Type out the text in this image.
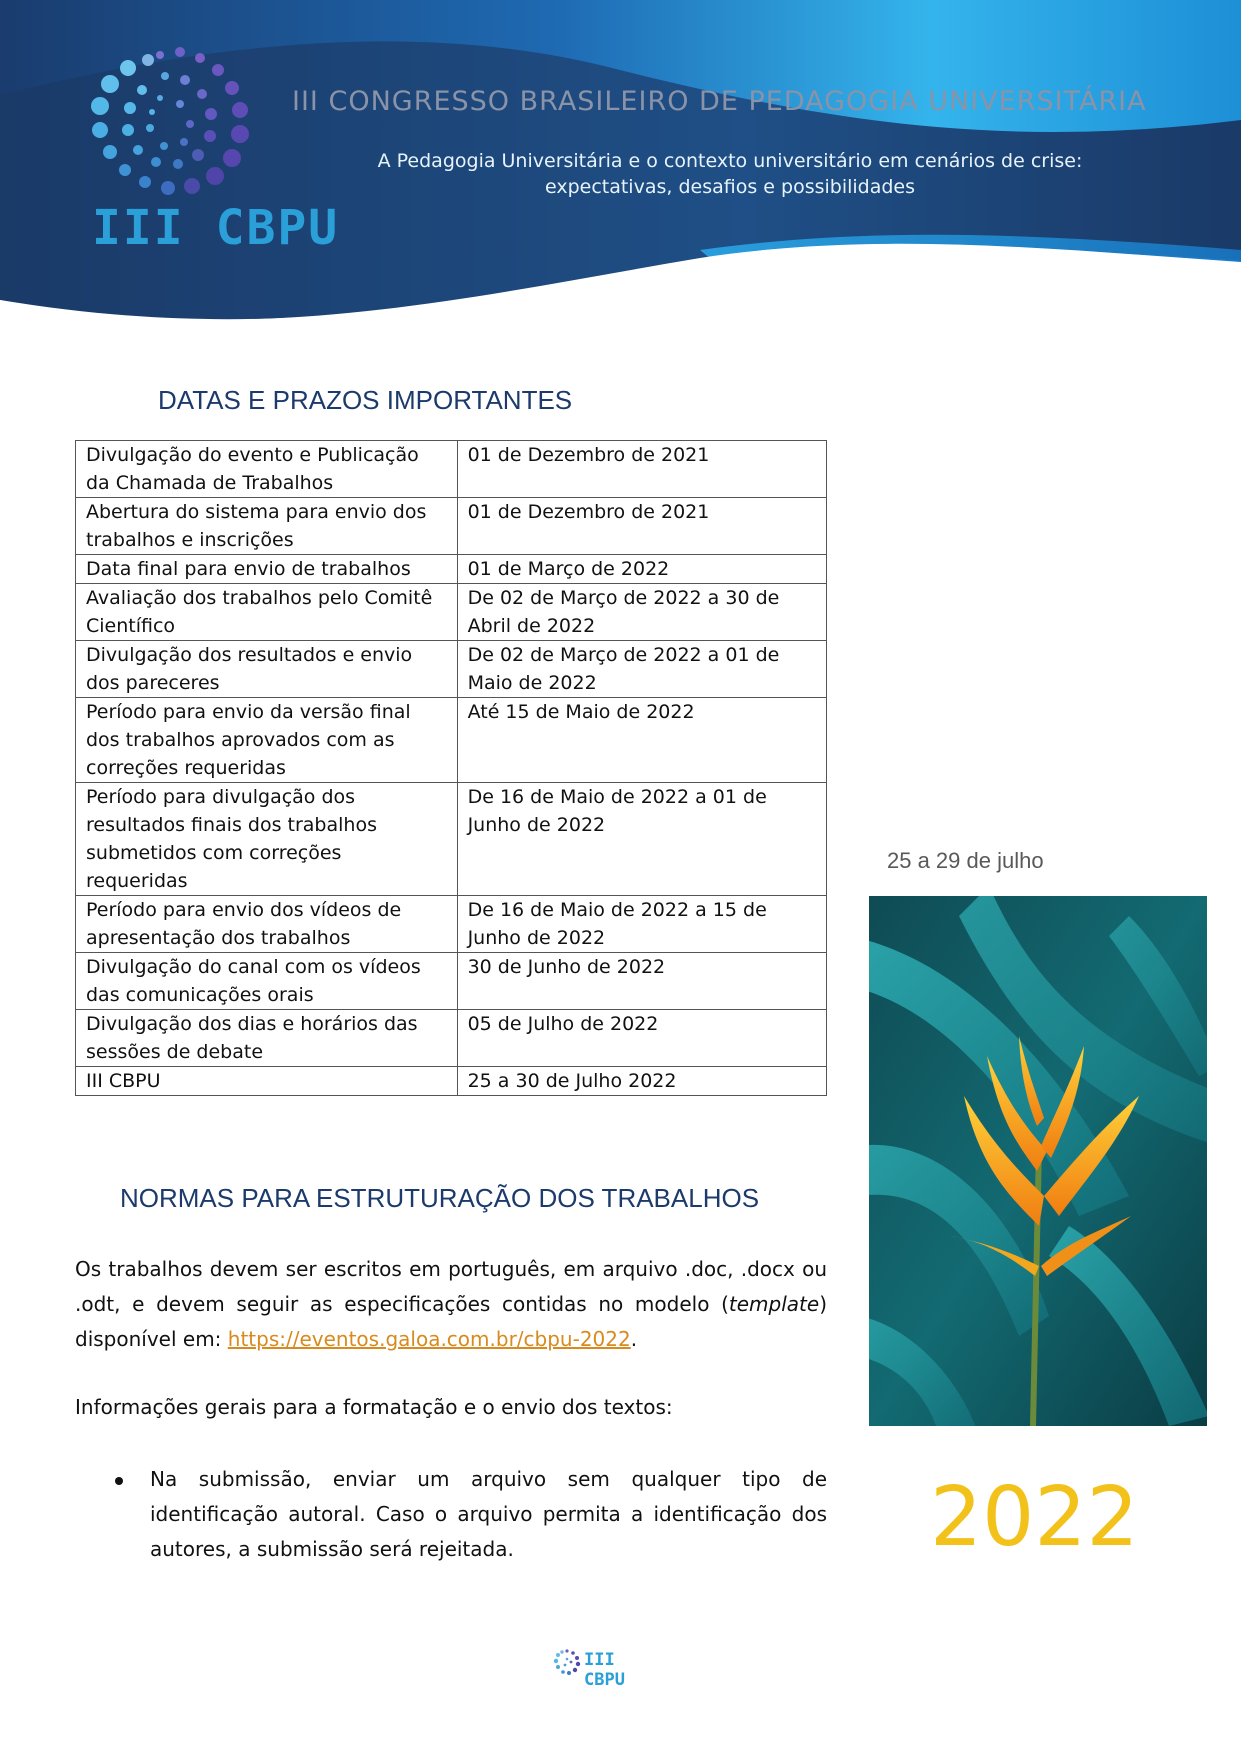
III CBPU
III CONGRESSO BRASILEIRO DE PEDAGOGIA UNIVERSITÁRIA
A Pedagogia Universitária e o contexto universitário em cenários de crise:
expectativas, desafios e possibilidades
DATAS E PRAZOS IMPORTANTES
Divulgação do evento e Publicação da Chamada de Trabalhos	01 de Dezembro de 2021
Abertura do sistema para envio dos trabalhos e inscrições	01 de Dezembro de 2021
Data final para envio de trabalhos	01 de Março de 2022
Avaliação dos trabalhos pelo Comitê Científico	De 02 de Março de 2022 a 30 de Abril de 2022
Divulgação dos resultados e envio dos pareceres	De 02 de Março de 2022 a 01 de Maio de 2022
Período para envio da versão final dos trabalhos aprovados com as correções requeridas	Até 15 de Maio de 2022
Período para divulgação dos resultados finais dos trabalhos submetidos com correções requeridas	De 16 de Maio de 2022 a 01 de Junho de 2022
Período para envio dos vídeos de apresentação dos trabalhos	De 16 de Maio de 2022 a 15 de Junho de 2022
Divulgação do canal com os vídeos das comunicações orais	30 de Junho de 2022
Divulgação dos dias e horários das sessões de debate	05 de Julho de 2022
III CBPU	25 a 30 de Julho 2022
NORMAS PARA ESTRUTURAÇÃO DOS TRABALHOS
Os trabalhos devem ser escritos em português, em arquivo .doc, .docx ou .odt, e devem seguir as especificações contidas no modelo (template) disponível em: https://eventos.galoa.com.br/cbpu-2022.
Informações gerais para a formatação e o envio dos textos:
Na submissão, enviar um arquivo sem qualquer tipo de identificação autoral. Caso o arquivo permita a identificação dos autores, a submissão será rejeitada.
25 a 29 de julho
2022
III CBPU
